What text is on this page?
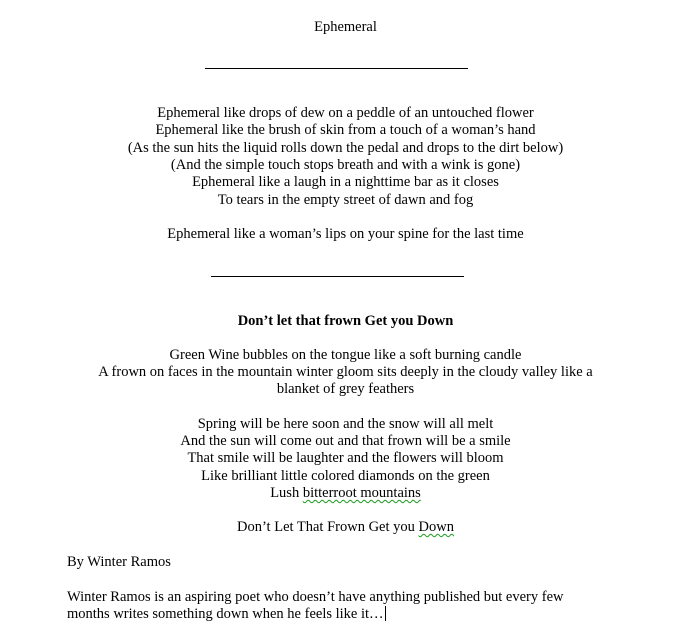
Ephemeral
Ephemeral like drops of dew on a peddle of an untouched flower
Ephemeral like the brush of skin from a touch of a woman’s hand
(As the sun hits the liquid rolls down the pedal and drops to the dirt below)
(And the simple touch stops breath and with a wink is gone)
Ephemeral like a laugh in a nighttime bar as it closes
To tears in the empty street of dawn and fog
Ephemeral like a woman’s lips on your spine for the last time
Don’t let that frown Get you Down
Green Wine bubbles on the tongue like a soft burning candle
A frown on faces in the mountain winter gloom sits deeply in the cloudy valley like a
blanket of grey feathers
Spring will be here soon and the snow will all melt
And the sun will come out and that frown will be a smile
That smile will be laughter and the flowers will bloom
Like brilliant little colored diamonds on the green
Lush bitterroot mountains
Don’t Let That Frown Get you Down
By Winter Ramos
Winter Ramos is an aspiring poet who doesn’t have anything published but every few
months writes something down when he feels like it…
